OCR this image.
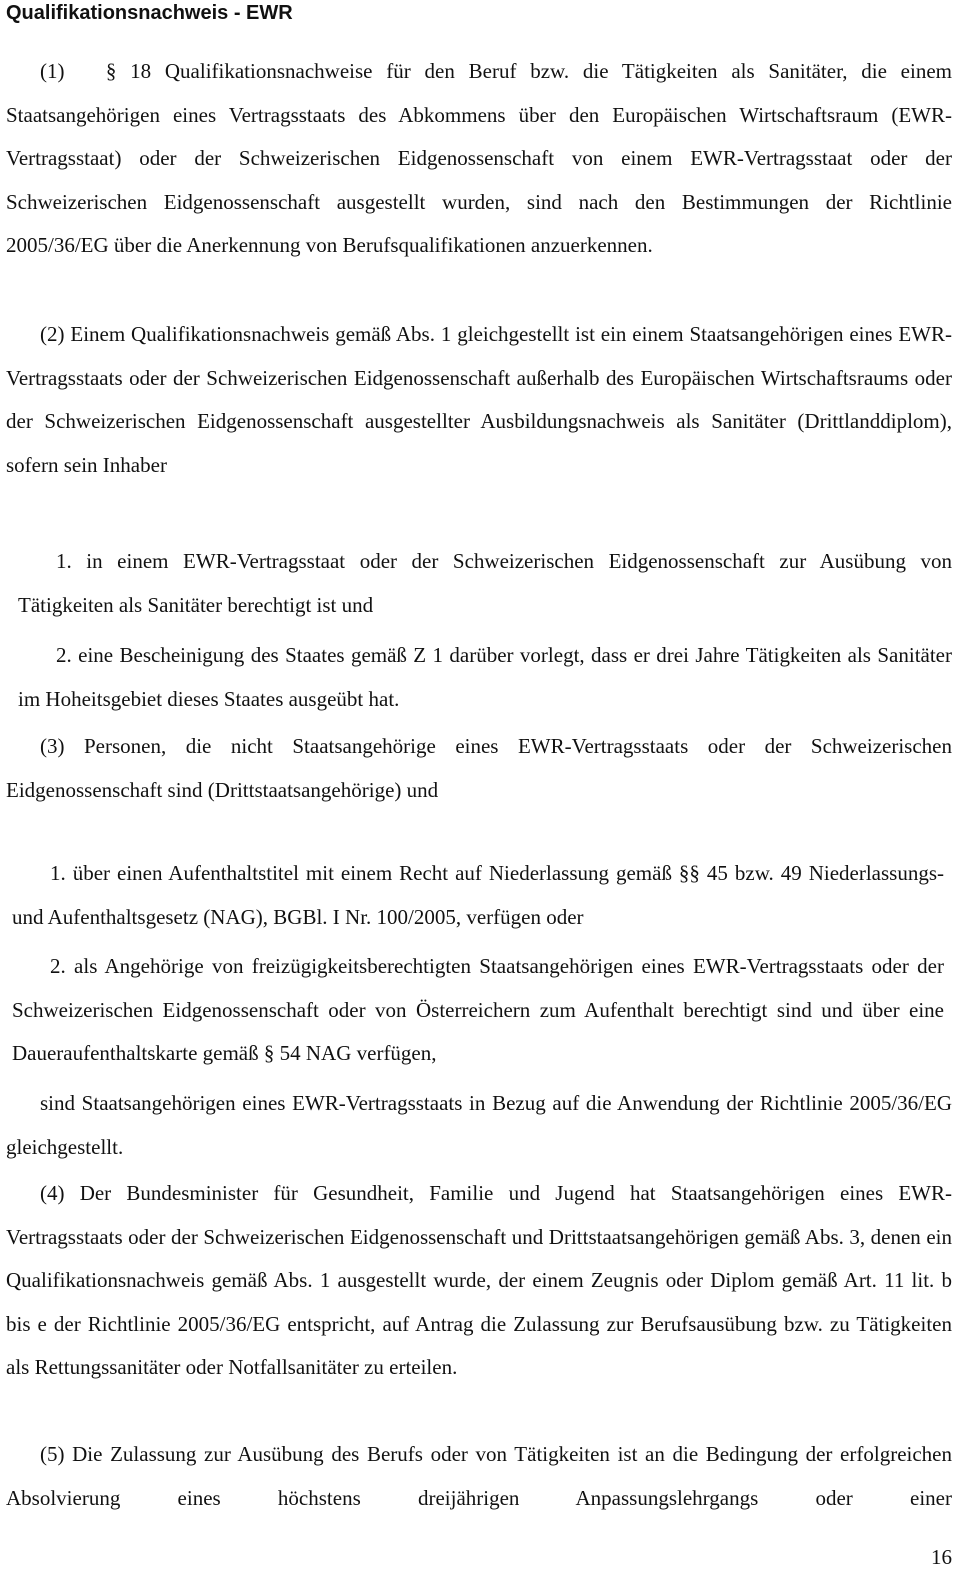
Qualifikationsnachweis - EWR

(1)   § 18 Qualifikationsnachweise für den Beruf bzw. die Tätigkeiten als Sanitäter, die einem Staatsangehörigen eines Vertragsstaats des Abkommens über den Europäischen Wirtschaftsraum (EWR-Vertragsstaat) oder der Schweizerischen Eidgenossenschaft von einem EWR-Vertragsstaat oder der Schweizerischen Eidgenossenschaft ausgestellt wurden, sind nach den Bestimmungen der Richtlinie 2005/36/EG über die Anerkennung von Berufsqualifikationen anzuerkennen.

(2) Einem Qualifikationsnachweis gemäß Abs. 1 gleichgestellt ist ein einem Staatsangehörigen eines EWR-Vertragsstaats oder der Schweizerischen Eidgenossenschaft außerhalb des Europäischen Wirtschaftsraums oder der Schweizerischen Eidgenossenschaft ausgestellter Ausbildungsnachweis als Sanitäter (Drittlanddiplom), sofern sein Inhaber

1. in einem EWR-Vertragsstaat oder der Schweizerischen Eidgenossenschaft zur Ausübung von Tätigkeiten als Sanitäter berechtigt ist und

2. eine Bescheinigung des Staates gemäß Z 1 darüber vorlegt, dass er drei Jahre Tätigkeiten als Sanitäter im Hoheitsgebiet dieses Staates ausgeübt hat.

(3) Personen, die nicht Staatsangehörige eines EWR-Vertragsstaats oder der Schweizerischen Eidgenossenschaft sind (Drittstaatsangehörige) und

1. über einen Aufenthaltstitel mit einem Recht auf Niederlassung gemäß §§ 45 bzw. 49 Niederlassungs- und Aufenthaltsgesetz (NAG), BGBl. I Nr. 100/2005, verfügen oder

2. als Angehörige von freizügigkeitsberechtigten Staatsangehörigen eines EWR-Vertragsstaats oder der Schweizerischen Eidgenossenschaft oder von Österreichern zum Aufenthalt berechtigt sind und über eine Daueraufenthaltskarte gemäß § 54 NAG verfügen,

sind Staatsangehörigen eines EWR-Vertragsstaats in Bezug auf die Anwendung der Richtlinie 2005/36/EG gleichgestellt.

(4) Der Bundesminister für Gesundheit, Familie und Jugend hat Staatsangehörigen eines EWR-Vertragsstaats oder der Schweizerischen Eidgenossenschaft und Drittstaatsangehörigen gemäß Abs. 3, denen ein Qualifikationsnachweis gemäß Abs. 1 ausgestellt wurde, der einem Zeugnis oder Diplom gemäß Art. 11 lit. b bis e der Richtlinie 2005/36/EG entspricht, auf Antrag die Zulassung zur Berufsausübung bzw. zu Tätigkeiten als Rettungssanitäter oder Notfallsanitäter zu erteilen.

(5) Die Zulassung zur Ausübung des Berufs oder von Tätigkeiten ist an die Bedingung der erfolgreichen Absolvierung eines höchstens dreijährigen Anpassungslehrgangs oder einer

16
